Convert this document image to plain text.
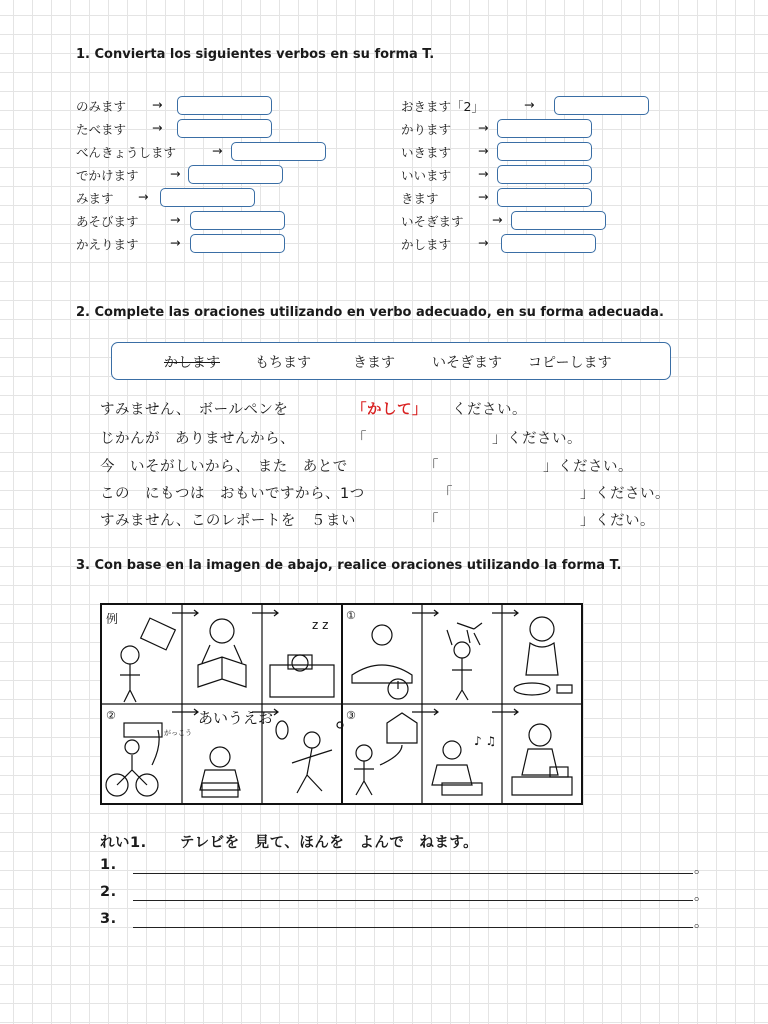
1. Convierta los siguientes verbos en su forma T.
のみます →
たべます →
べんきょうします	→
でかけます	→
みます →
あそびます	→
かえります	→
おきます「2」	→
かります →
いきます →
いいます →
きます	→
いそぎます →
かします →
2. Complete las oraciones utilizando en verbo adecuado, en su forma adecuada.
かします	もちます	きます	いそぎます コピーします
すみません、　ボールペンを	「かして」 ください。
じかんが　ありませんから、	「	」ください。
今　いそがしいから、　また　あとで	「	」ください。
この　にもつは　おもいですから、1つ	「	」ください。
すみません、このレポートを　５まい	「	」くだい。
3. Con base en la imagen de abajo, realice oraciones utilizando la forma T.
z z
♪ ♫
例	①
②	③
あいうえお
がっこう
れい1. テレビを　見て、ほんを　よんで　ねます。
1.	。
2.	。
3.	。
